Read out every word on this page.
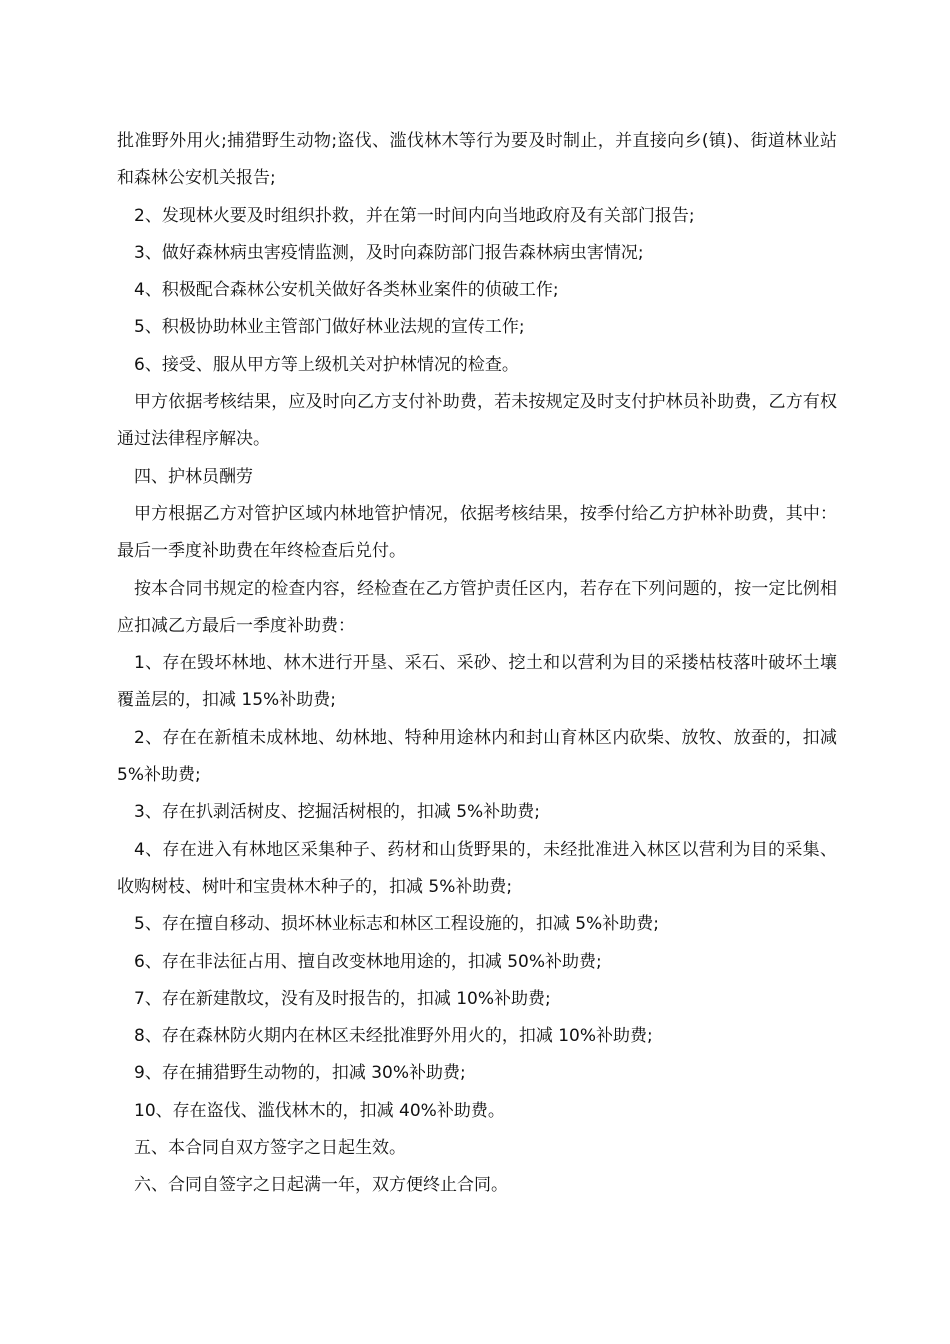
批准野外用火;捕猎野生动物;盗伐、滥伐林木等行为要及时制止，并直接向乡(镇)、街道林业站和森林公安机关报告;

2、发现林火要及时组织扑救，并在第一时间内向当地政府及有关部门报告;

3、做好森林病虫害疫情监测，及时向森防部门报告森林病虫害情况;

4、积极配合森林公安机关做好各类林业案件的侦破工作;

5、积极协助林业主管部门做好林业法规的宣传工作;

6、接受、服从甲方等上级机关对护林情况的检查。

甲方依据考核结果，应及时向乙方支付补助费，若未按规定及时支付护林员补助费，乙方有权通过法律程序解决。

四、护林员酬劳

甲方根据乙方对管护区域内林地管护情况，依据考核结果，按季付给乙方护林补助费，其中：最后一季度补助费在年终检查后兑付。

按本合同书规定的检查内容，经检查在乙方管护责任区内，若存在下列问题的，按一定比例相应扣减乙方最后一季度补助费：

1、存在毁坏林地、林木进行开垦、采石、采砂、挖土和以营利为目的采搂枯枝落叶破坏土壤覆盖层的，扣减 15%补助费;

2、存在在新植未成林地、幼林地、特种用途林内和封山育林区内砍柴、放牧、放蚕的，扣减 5%补助费;

3、存在扒剥活树皮、挖掘活树根的，扣减 5%补助费;

4、存在进入有林地区采集种子、药材和山货野果的，未经批准进入林区以营利为目的采集、收购树枝、树叶和宝贵林木种子的，扣减 5%补助费;

5、存在擅自移动、损坏林业标志和林区工程设施的，扣减 5%补助费;

6、存在非法征占用、擅自改变林地用途的，扣减 50%补助费;

7、存在新建散坟，没有及时报告的，扣减 10%补助费;

8、存在森林防火期内在林区未经批准野外用火的，扣减 10%补助费;

9、存在捕猎野生动物的，扣减 30%补助费;

10、存在盗伐、滥伐林木的，扣减 40%补助费。

五、本合同自双方签字之日起生效。

六、合同自签字之日起满一年，双方便终止合同。
